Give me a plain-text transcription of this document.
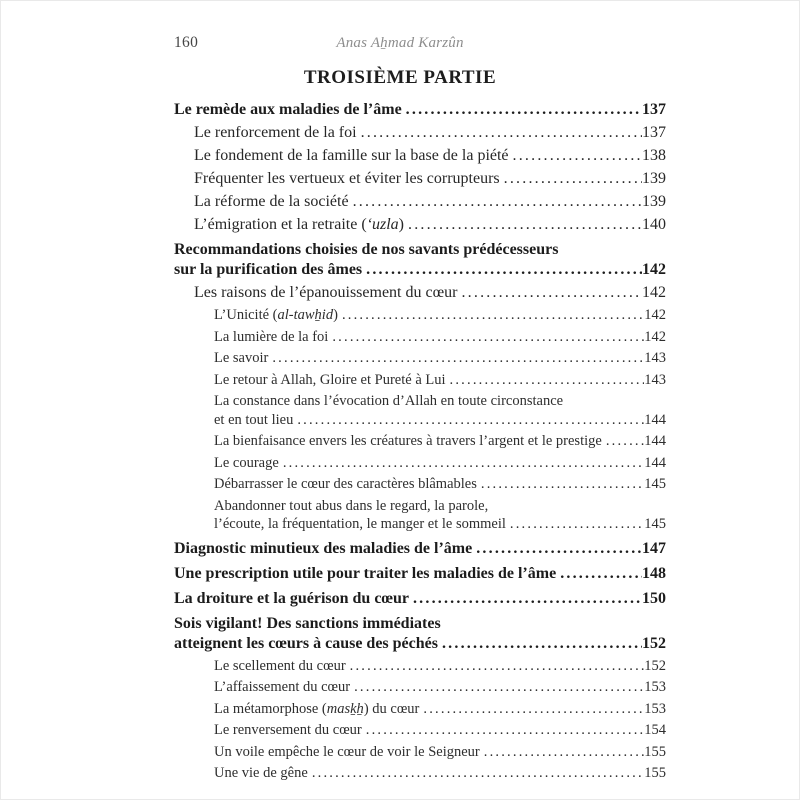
160	Anas Aẖmad Karzûn
TROISIÈME PARTIE
Le remède aux maladies de l’âme .....	137
Le renforcement de la foi .....	137
Le fondement de la famille sur la base de la piété .....	138
Fréquenter les vertueux et éviter les corrupteurs .....	139
La réforme de la société .....	139
L’émigration et la retraite (‘uzla) .....	140
Recommandations choisies de nos savants prédécesseurs
sur la purification des âmes .....	142
Les raisons de l’épanouissement du cœur .....	142
L’Unicité (al-tawẖid) .....	142
La lumière de la foi .....	142
Le savoir .....	143
Le retour à Allah, Gloire et Pureté à Lui .....	143
La constance dans l’évocation d’Allah en toute circonstance
et en tout lieu .....	144
La bienfaisance envers les créatures à travers l’argent et le prestige .....	144
Le courage .....	144
Débarrasser le cœur des caractères blâmables .....	145
Abandonner tout abus dans le regard, la parole,
l’écoute, la fréquentation, le manger et le sommeil .....	145
Diagnostic minutieux des maladies de l’âme .....	147
Une prescription utile pour traiter les maladies de l’âme .....	148
La droiture et la guérison du cœur .....	150
Sois vigilant! Des sanctions immédiates
atteignent les cœurs à cause des péchés .....	152
Le scellement du cœur .....	152
L’affaissement du cœur .....	153
La métamorphose (masḵẖ) du cœur .....	153
Le renversement du cœur .....	154
Un voile empêche le cœur de voir le Seigneur .....	155
Une vie de gêne .....	155
